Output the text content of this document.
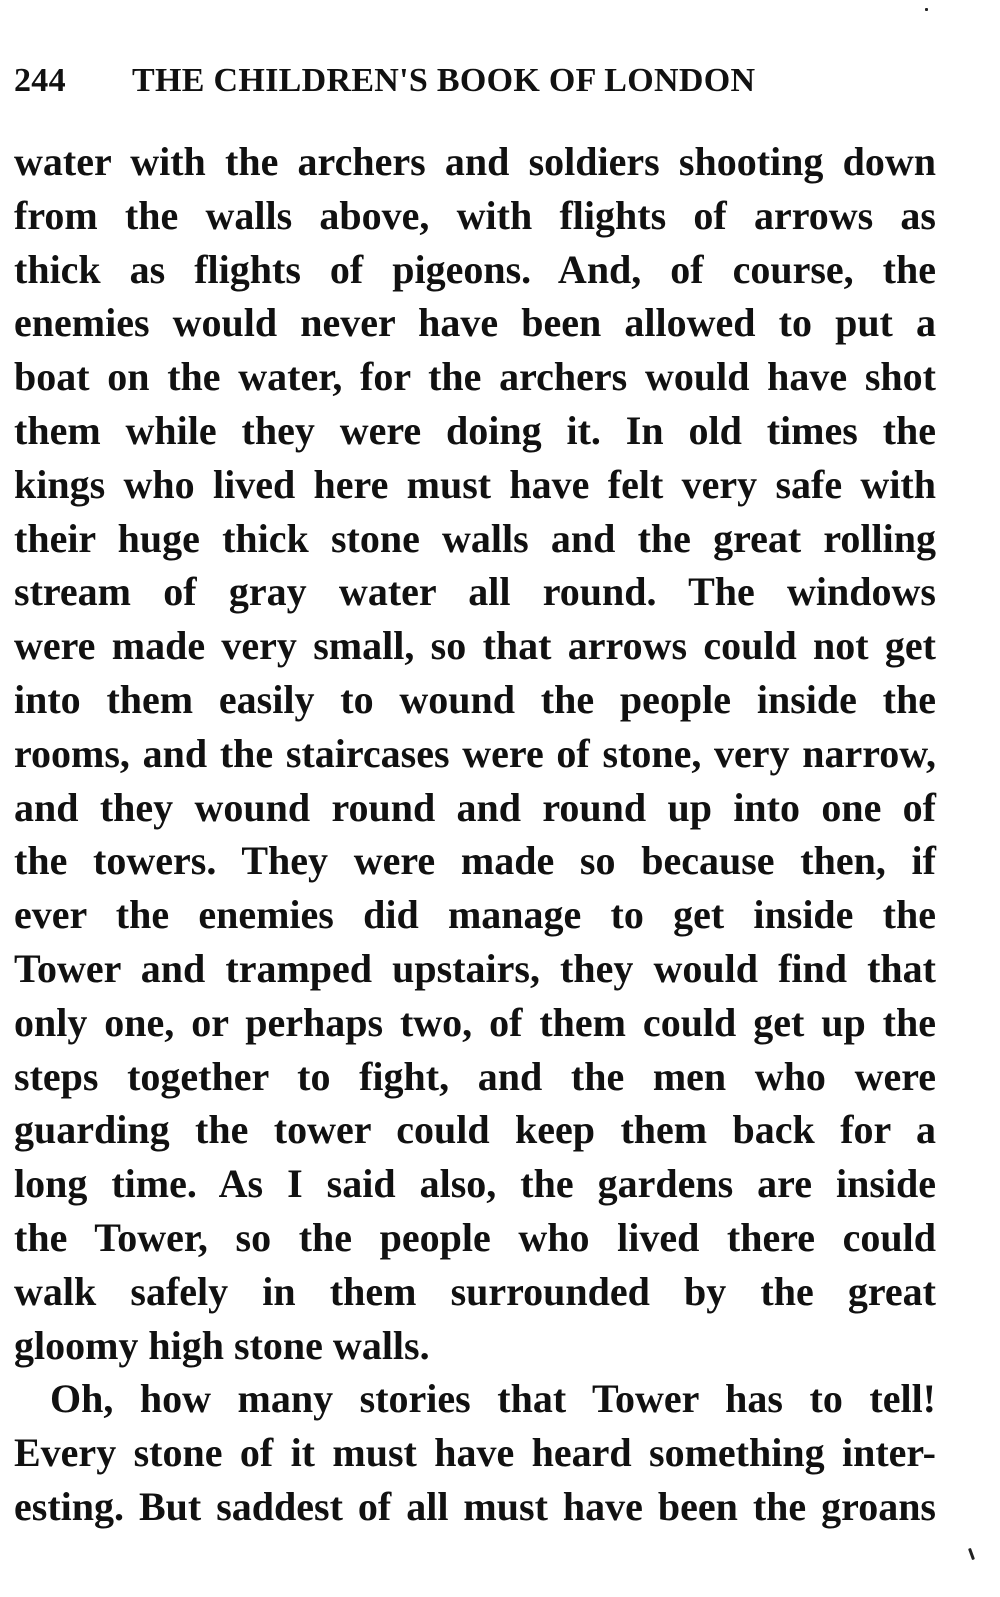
244 THE CHILDREN'S BOOK OF LONDON
water with the archers and soldiers shooting down
from the walls above, with flights of arrows as
thick as flights of pigeons. And, of course, the
enemies would never have been allowed to put a
boat on the water, for the archers would have shot
them while they were doing it. In old times the
kings who lived here must have felt very safe with
their huge thick stone walls and the great rolling
stream of gray water all round. The windows
were made very small, so that arrows could not get
into them easily to wound the people inside the
rooms, and the staircases were of stone, very narrow,
and they wound round and round up into one of
the towers. They were made so because then, if
ever the enemies did manage to get inside the
Tower and tramped upstairs, they would find that
only one, or perhaps two, of them could get up the
steps together to fight, and the men who were
guarding the tower could keep them back for a
long time. As I said also, the gardens are inside
the Tower, so the people who lived there could
walk safely in them surrounded by the great
gloomy high stone walls.
Oh, how many stories that Tower has to tell!
Every stone of it must have heard something inter-
esting. But saddest of all must have been the groans
